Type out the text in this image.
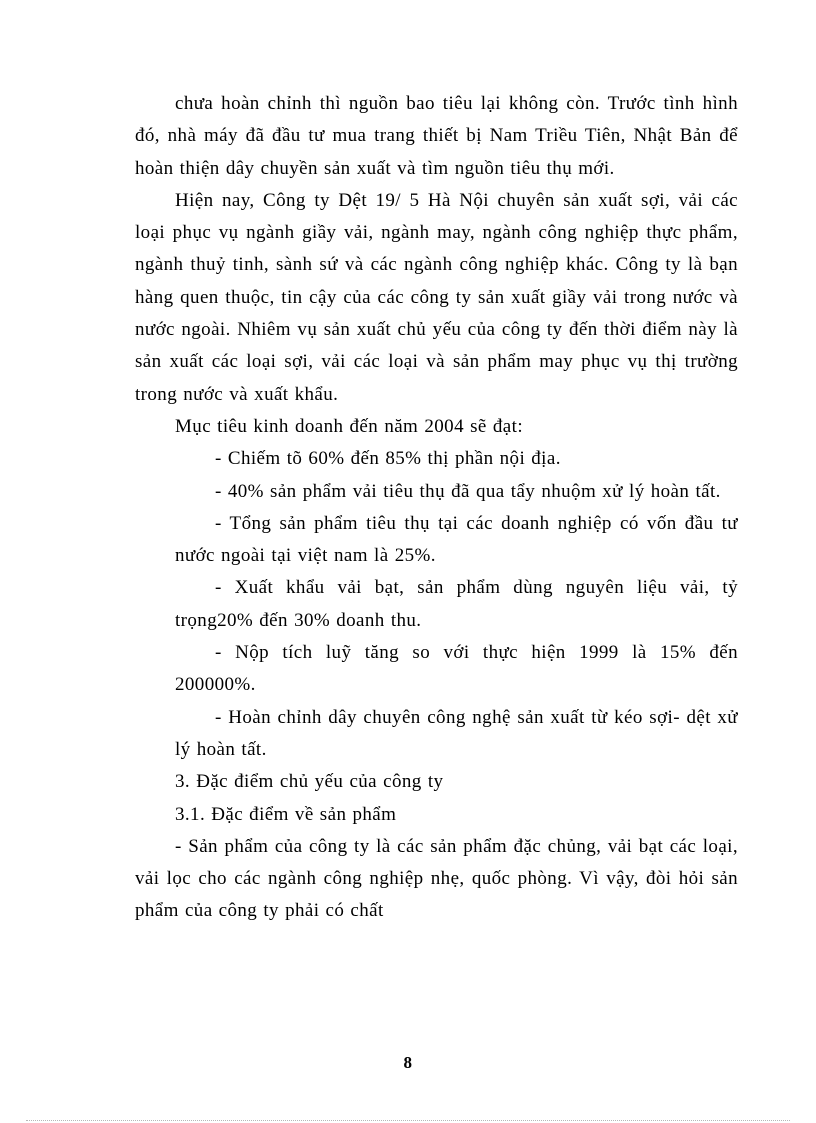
chưa hoàn chỉnh thì nguồn bao tiêu lại không còn. Trước tình hình đó, nhà máy đã đầu tư mua trang thiết bị Nam Triều Tiên, Nhật Bản để hoàn thiện dây chuyền sản xuất và tìm nguồn tiêu thụ mới.

Hiện nay, Công ty Dệt 19/ 5 Hà Nội chuyên sản xuất sợi, vải các loại phục vụ ngành giầy vải, ngành may, ngành công nghiệp thực phẩm, ngành thuỷ tinh, sành sứ và các ngành công nghiệp khác. Công ty là bạn hàng quen thuộc, tin cậy của các công ty sản xuất giầy vải trong nước và nước ngoài. Nhiêm vụ sản xuất chủ yếu của công ty đến thời điểm này là sản xuất các loại sợi, vải các loại và sản phẩm may phục vụ thị trường trong nước và xuất khẩu.

Mục tiêu kinh doanh đến năm 2004 sẽ đạt:

- Chiếm tõ 60% đến 85% thị phần nội địa.

- 40% sản phẩm vải tiêu thụ đã qua tẩy nhuộm xử lý hoàn tất.

- Tổng sản phẩm tiêu thụ tại các doanh nghiệp có vốn đầu tư nước ngoài tại việt nam là 25%.

- Xuất khẩu vải bạt, sản phẩm dùng nguyên liệu vải, tỷ trọng20% đến 30% doanh thu.

- Nộp tích luỹ tăng so với thực hiện 1999 là 15% đến 200000%.

- Hoàn chỉnh dây chuyên công nghệ sản xuất từ kéo sợi- dệt xử lý hoàn tất.

3. Đặc điểm chủ yếu của công ty

3.1. Đặc điểm về sản phẩm

- Sản phẩm của công ty là các sản phẩm đặc chủng, vải bạt các loại, vải lọc cho các ngành công nghiệp nhẹ, quốc phòng. Vì vậy, đòi hỏi sản phẩm của công ty phải có chất

8
